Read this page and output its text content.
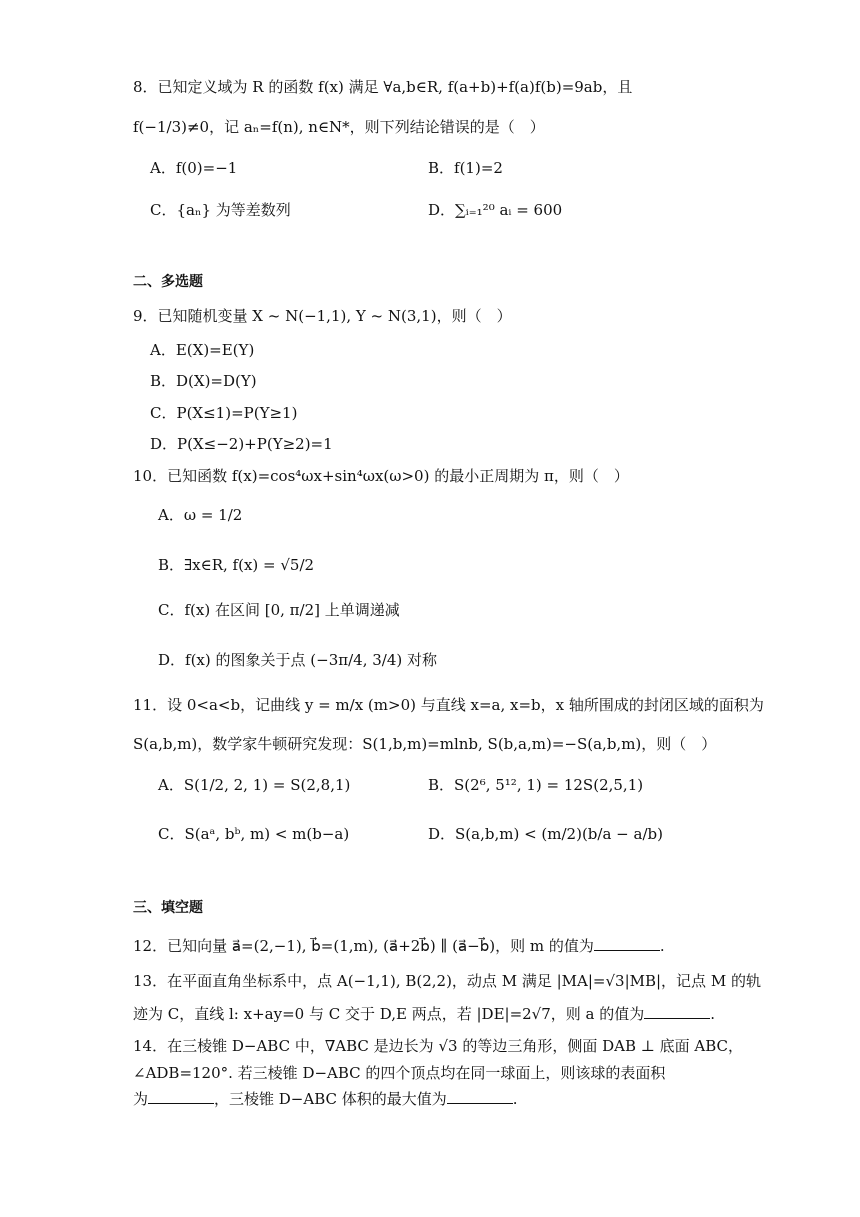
8．已知定义域为 R 的函数 f(x) 满足 ∀a,b∈R, f(a+b)+f(a)f(b)=9ab，且
f(−1/3)≠0，记 aₙ=f(n), n∈N*，则下列结论错误的是（　）
A．f(0)=−1	B．f(1)=2
C．{aₙ} 为等差数列	D．∑ᵢ₌₁²⁰ aᵢ = 600
二、多选题
9．已知随机变量 X ~ N(−1,1), Y ~ N(3,1)，则（　）
A．E(X)=E(Y)
B．D(X)=D(Y)
C．P(X≤1)=P(Y≥1)
D．P(X≤−2)+P(Y≥2)=1
10．已知函数 f(x)=cos⁴ωx+sin⁴ωx(ω>0) 的最小正周期为 π，则（　）
A．ω = 1/2
B．∃x∈R, f(x) = √5/2
C．f(x) 在区间 [0, π/2] 上单调递减
D．f(x) 的图象关于点 (−3π/4, 3/4) 对称
11．设 0<a<b，记曲线 y = m/x (m>0) 与直线 x=a, x=b，x 轴所围成的封闭区域的面积为
S(a,b,m)，数学家牛顿研究发现：S(1,b,m)=mlnb, S(b,a,m)=−S(a,b,m)，则（　）
A．S(1/2, 2, 1) = S(2,8,1)	B．S(2⁶, 5¹², 1) = 12S(2,5,1)
C．S(aᵃ, bᵇ, m) < m(b−a)	D．S(a,b,m) < (m/2)(b/a − a/b)
三、填空题
12．已知向量 a⃗=(2,−1), b⃗=(1,m), (a⃗+2b⃗) ∥ (a⃗−b⃗)，则 m 的值为	.
13．在平面直角坐标系中，点 A(−1,1), B(2,2)，动点 M 满足 |MA|=√3|MB|，记点 M 的轨
迹为 C，直线 l: x+ay=0 与 C 交于 D,E 两点，若 |DE|=2√7，则 a 的值为	.
14．在三棱锥 D−ABC 中，∇ABC 是边长为 √3 的等边三角形，侧面 DAB ⊥ 底面 ABC，
∠ADB=120°. 若三棱锥 D−ABC 的四个顶点均在同一球面上，则该球的表面积
为	，三棱锥 D−ABC 体积的最大值为	.
